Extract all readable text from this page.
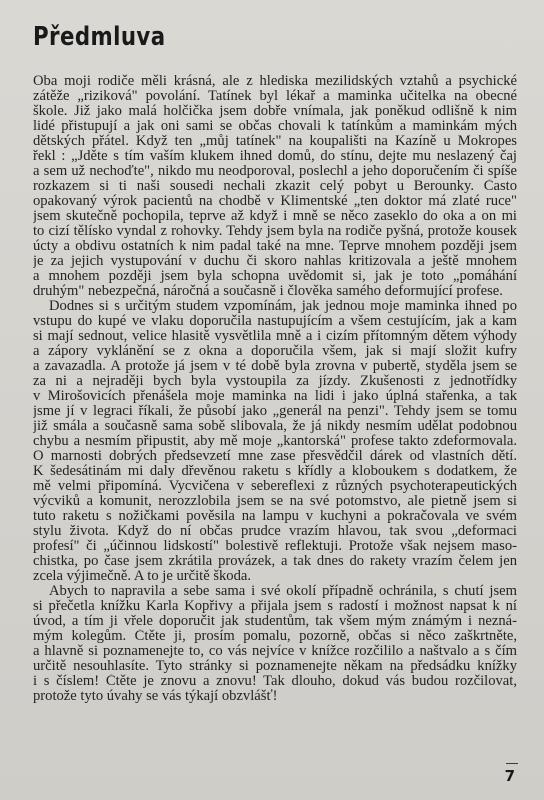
Předmluva
Oba moji rodiče měli krásná, ale z hlediska mezilidských vztahů a psychické
zátěže „riziková" povolání. Tatínek byl lékař a maminka učitelka na obecné
škole. Již jako malá holčička jsem dobře vnímala, jak poněkud odlišně k nim
lidé přistupují a jak oni sami se občas chovali k tatínkům a maminkám mých
dětských přátel. Když ten „můj tatínek" na koupališti na Kazíně u Mokropes
řekl : „Jděte s tím vaším klukem ihned domů, do stínu, dejte mu neslazený čaj
a sem už nechoďte", nikdo mu neodporoval, poslechl a jeho doporučením či spíše
rozkazem si ti naši sousedi nechali zkazit celý pobyt u Berounky. Často
opakovaný výrok pacientů na chodbě v Klimentské „ten doktor má zlaté ruce"
jsem skutečně pochopila, teprve až když i mně se něco zaseklo do oka a on mi
to cizí tělísko vyndal z rohovky. Tehdy jsem byla na rodiče pyšná, protože kousek
úcty a obdivu ostatních k nim padal také na mne. Teprve mnohem později jsem
je za jejich vystupování v duchu či skoro nahlas kritizovala a ještě mnohem
a mnohem později jsem byla schopna uvědomit si, jak je toto „pomáhání
druhým" nebezpečná, náročná a současně i člověka samého deformující profese.
Dodnes si s určitým studem vzpomínám, jak jednou moje maminka ihned po
vstupu do kupé ve vlaku doporučila nastupujícím a všem cestujícím, jak a kam
si mají sednout, velice hlasitě vysvětlila mně a i cizím přítomným dětem výhody
a zápory vyklánění se z okna a doporučila všem, jak si mají složit kufry
a zavazadla. A protože já jsem v té době byla zrovna v pubertě, styděla jsem se
za ni a nejraději bych byla vystoupila za jízdy. Zkušenosti z jednotřídky
v Mirošovicích přenášela moje maminka na lidi i jako úplná stařenka, a tak
jsme jí v legraci říkali, že působí jako „generál na penzi". Tehdy jsem se tomu
již smála a současně sama sobě slibovala, že já nikdy nesmím udělat podobnou
chybu a nesmím připustit, aby mě moje „kantorská" profese takto zdeformovala.
O marnosti dobrých předsevzetí mne zase přesvědčil dárek od vlastních dětí.
K šedesátinám mi daly dřevěnou raketu s křídly a kloboukem s dodatkem, že
mě velmi připomíná. Vycvičena v sebereflexi z různých psychoterapeutických
výcviků a komunit, nerozzlobila jsem se na své potomstvo, ale pietně jsem si
tuto raketu s nožičkami pověsila na lampu v kuchyni a pokračovala ve svém
stylu života. Když do ní občas prudce vrazím hlavou, tak svou „deformaci
profesí" či „účinnou lidskostí" bolestivě reflektuji. Protože však nejsem maso-
chistka, po čase jsem zkrátila provázek, a tak dnes do rakety vrazím čelem jen
zcela výjimečně. A to je určitě škoda.
Abych to napravila a sebe sama i své okolí případně ochránila, s chutí jsem
si přečetla knížku Karla Kopřivy a přijala jsem s radostí i možnost napsat k ní
úvod, a tím ji vřele doporučit jak studentům, tak všem mým známým i nezná-
mým kolegům. Čtěte ji, prosím pomalu, pozorně, občas si něco zaškrtněte,
a hlavně si poznamenejte to, co vás nejvíce v knížce rozčililo a naštvalo a s čím
určitě nesouhlasíte. Tyto stránky si poznamenejte někam na předsádku knížky
i s číslem! Čtěte je znovu a znovu! Tak dlouho, dokud vás budou rozčilovat,
protože tyto úvahy se vás týkají obzvlášť!
7
